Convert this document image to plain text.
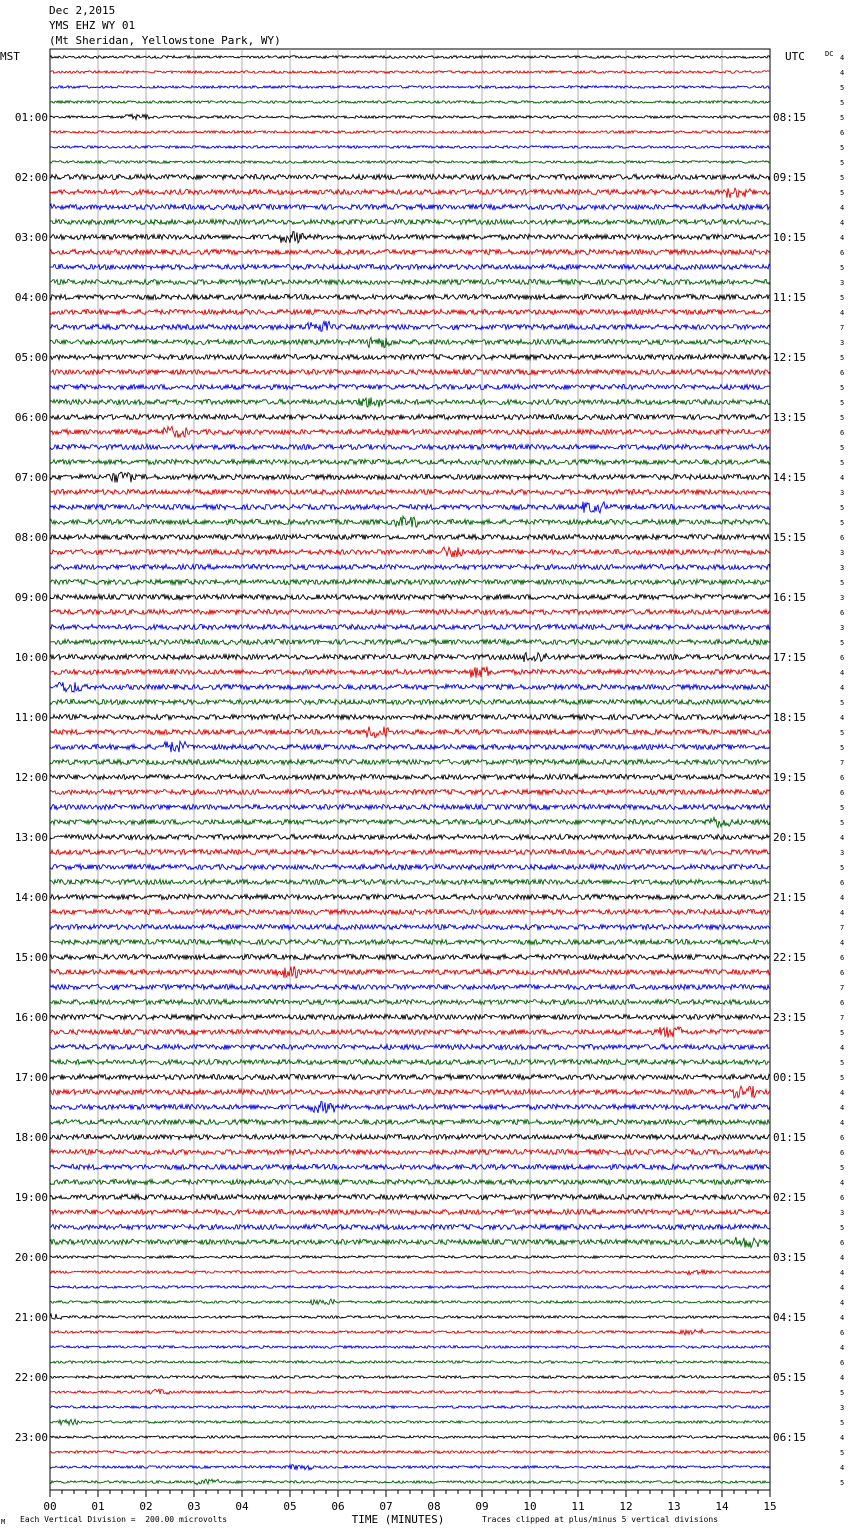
Dec 2,2015
YMS EHZ WY 01
(Mt Sheridan, Yellowstone Park, WY)
00	01	02	03	04	05	06	07	08	09	10	11	12	13	14	15
TIME (MINUTES)
MST	UTC	DC
01:00
02:00
03:00
04:00
05:00
06:00
07:00
08:00
09:00
10:00
11:00
12:00
13:00
14:00
15:00
16:00
17:00
18:00
19:00
20:00
21:00
22:00
23:00
08:15
09:15
10:15
11:15
12:15
13:15
14:15
15:15
16:15
17:15
18:15
19:15
20:15
21:15
22:15
23:15
00:15
01:15
02:15
03:15
04:15
05:15
06:15
4
4
5
5
5
6
5
5
5
5
4
4
4
6
5
3
5
4
7
3
5
6
5
5
5
6
5
5
4
3
5
5
6
3
3
5
3
6
3
5
6
4
4
5
4
5
5
7
6
6
5
5
4
3
5
6
4
4
7
4
6
6
7
6
7
5
4
5
5
4
4
4
6
6
5
4
6
3
5
6
4
4
4
4
4
6
4
6
4
5
3
5
4
5
4
5
M Each Vertical Division =  200.00 microvolts	Traces clipped at plus/minus 5 vertical divisions
